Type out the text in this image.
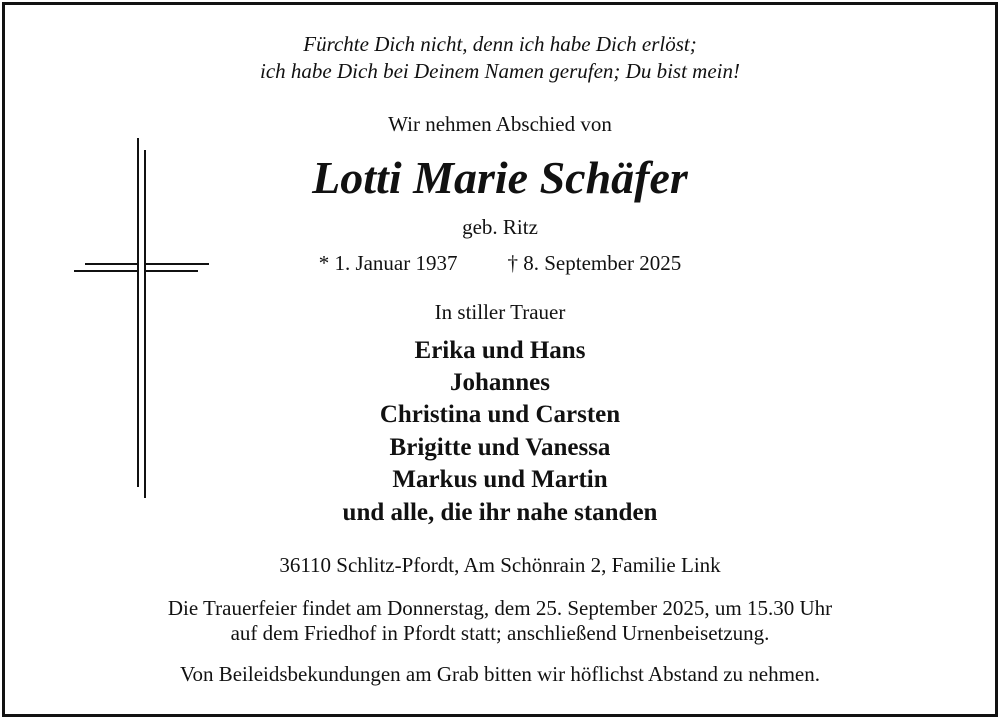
Fürchte Dich nicht, denn ich habe Dich erlöst;
ich habe Dich bei Deinem Namen gerufen; Du bist mein!
Wir nehmen Abschied von
Lotti Marie Schäfer
geb. Ritz
* 1. Januar 1937 † 8. September 2025
In stiller Trauer
Erika und Hans
Johannes
Christina und Carsten
Brigitte und Vanessa
Markus und Martin
und alle, die ihr nahe standen
36110 Schlitz-Pfordt, Am Schönrain 2, Familie Link
Die Trauerfeier findet am Donnerstag, dem 25. September 2025, um 15.30 Uhr
auf dem Friedhof in Pfordt statt; anschließend Urnenbeisetzung.
Von Beileidsbekundungen am Grab bitten wir höflichst Abstand zu nehmen.
